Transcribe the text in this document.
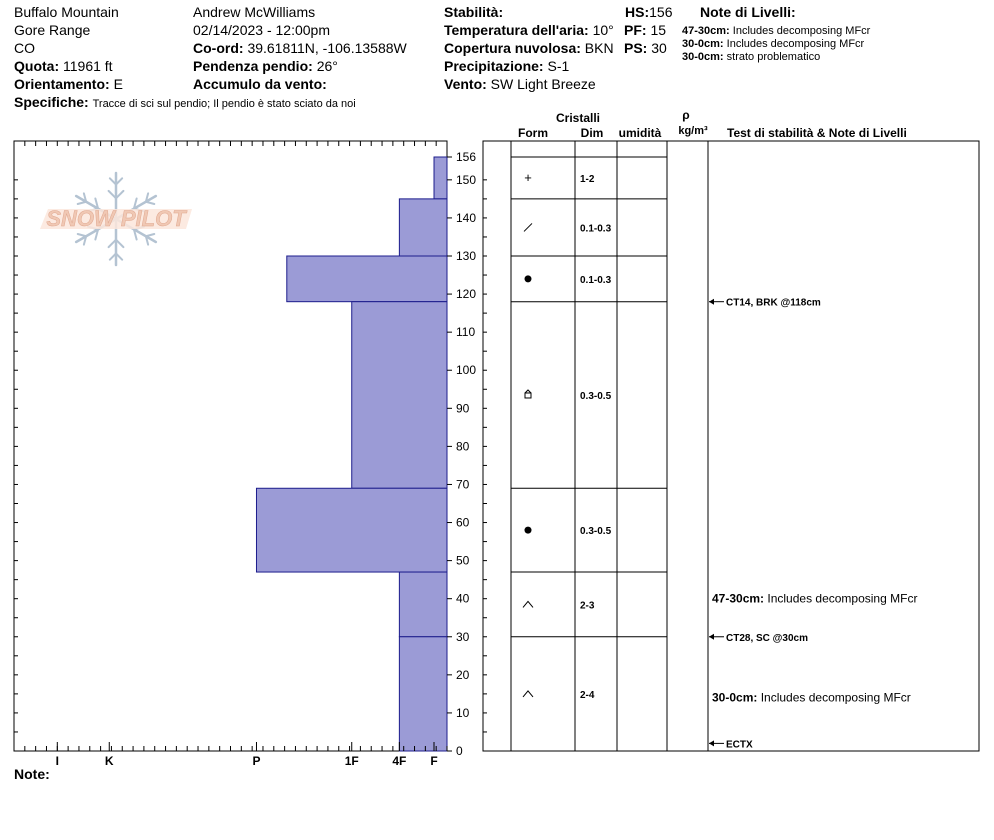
Buffalo Mountain
Gore Range
CO
Quota: 11961 ft
Orientamento: E
Specifiche: Tracce di sci sul pendio; Il pendio è stato sciato da noi
Andrew McWilliams
02/14/2023 - 12:00pm
Co-ord: 39.61811N, -106.13588W
Pendenza pendio: 26°
Accumulo da vento:
Stabilità:
Temperatura dell'aria: 10°
Copertura nuvolosa: BKN
Precipitazione: S-1
Vento: SW Light Breeze
HS:156
PF: 15
PS: 30
Note di Livelli:
47-30cm: Includes decomposing MFcr
30-0cm: Includes decomposing MFcr
30-0cm: strato problematico
Note:
SNOW PILOT
I	K	P	1F	4F F
0
10
20
30
40
50
60
70
80
90
100
110
120
130
140
150
156
Cristalli
Form	Dim umidità
ρ
kg/m³ Test di stabilità & Note di Livelli
+	1-2
0.1-0.3
0.1-0.3
0.3-0.5
0.3-0.5
2-3
2-4
CT14, BRK @118cm
47-30cm: Includes decomposing MFcr
CT28, SC @30cm
30-0cm: Includes decomposing MFcr
ECTX
